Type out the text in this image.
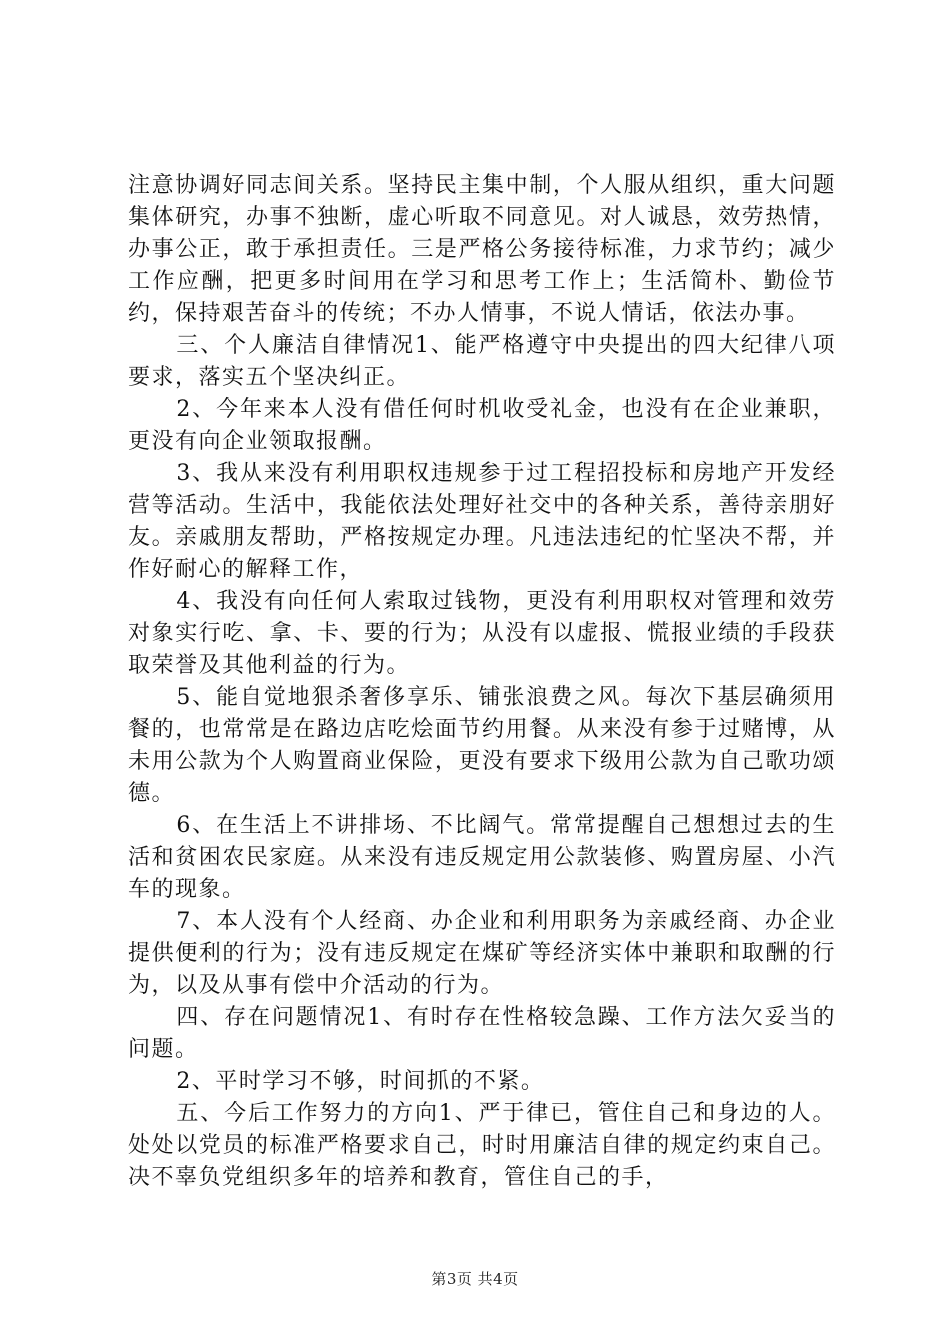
注意协调好同志间关系。坚持民主集中制，个人服从组织，重大问题集体研究，办事不独断，虚心听取不同意见。对人诚恳，效劳热情，办事公正，敢于承担责任。三是严格公务接待标准，力求节约；减少工作应酬，把更多时间用在学习和思考工作上；生活简朴、勤俭节约，保持艰苦奋斗的传统；不办人情事，不说人情话，依法办事。

三、个人廉洁自律情况1、能严格遵守中央提出的四大纪律八项要求，落实五个坚决纠正。

2、今年来本人没有借任何时机收受礼金，也没有在企业兼职，更没有向企业领取报酬。

3、我从来没有利用职权违规参于过工程招投标和房地产开发经营等活动。生活中，我能依法处理好社交中的各种关系，善待亲朋好友。亲戚朋友帮助，严格按规定办理。凡违法违纪的忙坚决不帮，并作好耐心的解释工作，

4、我没有向任何人索取过钱物，更没有利用职权对管理和效劳对象实行吃、拿、卡、要的行为；从没有以虚报、慌报业绩的手段获取荣誉及其他利益的行为。

5、能自觉地狠杀奢侈享乐、铺张浪费之风。每次下基层确须用餐的，也常常是在路边店吃烩面节约用餐。从来没有参于过赌博，从未用公款为个人购置商业保险，更没有要求下级用公款为自己歌功颂德。

6、在生活上不讲排场、不比阔气。常常提醒自己想想过去的生活和贫困农民家庭。从来没有违反规定用公款装修、购置房屋、小汽车的现象。

7、本人没有个人经商、办企业和利用职务为亲戚经商、办企业提供便利的行为；没有违反规定在煤矿等经济实体中兼职和取酬的行为，以及从事有偿中介活动的行为。

四、存在问题情况1、有时存在性格较急躁、工作方法欠妥当的问题。

2、平时学习不够，时间抓的不紧。

五、今后工作努力的方向1、严于律已，管住自己和身边的人。处处以党员的标准严格要求自己，时时用廉洁自律的规定约束自己。决不辜负党组织多年的培养和教育，管住自己的手，

第3页 共4页
